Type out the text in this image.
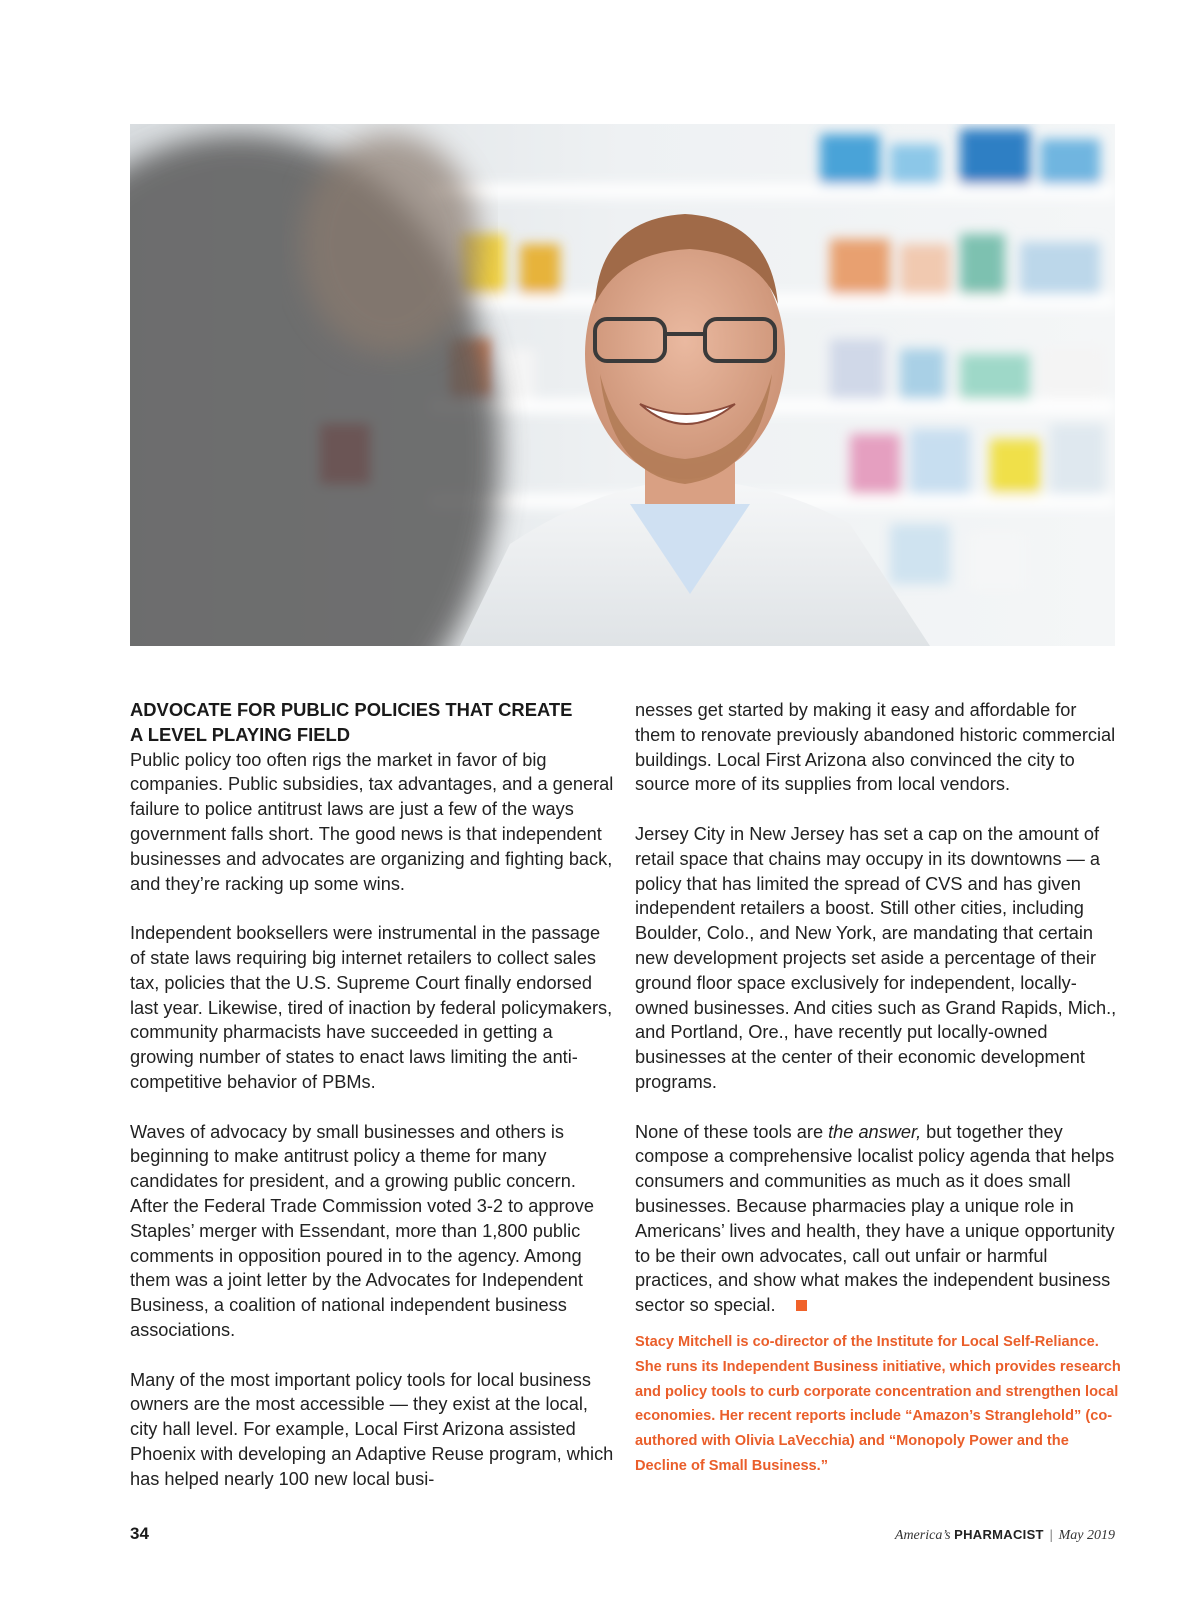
ADVOCATE FOR PUBLIC POLICIES THAT CREATE
A LEVEL PLAYING FIELD

Public policy too often rigs the market in favor of big companies. Public subsidies, tax advantages, and a general failure to police antitrust laws are just a few of the ways government falls short. The good news is that independent businesses and advocates are organizing and fighting back, and they’re racking up some wins.

Independent booksellers were instrumental in the passage of state laws requiring big internet retailers to collect sales tax, policies that the U.S. Supreme Court finally endorsed last year. Likewise, tired of inaction by federal policymakers, community pharmacists have succeeded in getting a growing number of states to enact laws limiting the anti-competitive behavior of PBMs.

Waves of advocacy by small businesses and others is beginning to make antitrust policy a theme for many candidates for president, and a growing public concern. After the Federal Trade Commission voted 3-2 to approve Staples’ merger with Essendant, more than 1,800 public comments in opposition poured in to the agency. Among them was a joint letter by the Advocates for Independent Business, a coalition of national independent business associations.

Many of the most important policy tools for local business owners are the most accessible — they exist at the local, city hall level. For example, Local First Arizona assisted Phoenix with developing an Adaptive Reuse program, which has helped nearly 100 new local busi-

nesses get started by making it easy and affordable for them to renovate previously abandoned historic commercial buildings. Local First Arizona also convinced the city to source more of its supplies from local vendors.

Jersey City in New Jersey has set a cap on the amount of retail space that chains may occupy in its downtowns — a policy that has limited the spread of CVS and has given independent retailers a boost. Still other cities, including Boulder, Colo., and New York, are mandating that certain new development projects set aside a percentage of their ground floor space exclusively for independent, locally-owned businesses. And cities such as Grand Rapids, Mich., and Portland, Ore., have recently put locally-owned businesses at the center of their economic development programs.

None of these tools are the answer, but together they compose a comprehensive localist policy agenda that helps consumers and communities as much as it does small businesses. Because pharmacies play a unique role in Americans’ lives and health, they have a unique opportunity to be their own advocates, call out unfair or harmful practices, and show what makes the independent business sector so special.

Stacy Mitchell is co-director of the Institute for Local Self-Reliance. She runs its Independent Business initiative, which provides research and policy tools to curb corporate concentration and strengthen local economies. Her recent reports include “Amazon’s Stranglehold” (co-authored with Olivia LaVecchia) and “Monopoly Power and the Decline of Small Business.”
34	America’s PHARMACIST | May 2019
